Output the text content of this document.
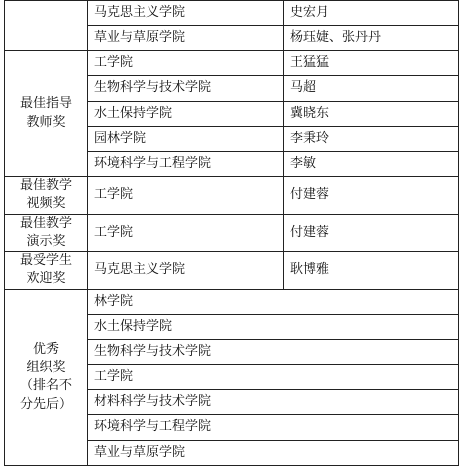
	马克思主义学院	史宏月
	草业与草原学院	杨珏婕、张丹丹

最佳指导
教师奖	工学院	王猛猛
	生物科学与技术学院	马超
	水土保持学院	冀晓东
	园林学院	李秉玲
	环境科学与工程学院	李敏

最佳教学
视频奖	工学院	付建蓉

最佳教学
演示奖	工学院	付建蓉

最受学生
欢迎奖	马克思主义学院	耿博雅

优秀
组织奖
（排名不
分先后）	林学院	
	水土保持学院	
	生物科学与技术学院	
	工学院	
	材料科学与技术学院	
	环境科学与工程学院	
	草业与草原学院	
